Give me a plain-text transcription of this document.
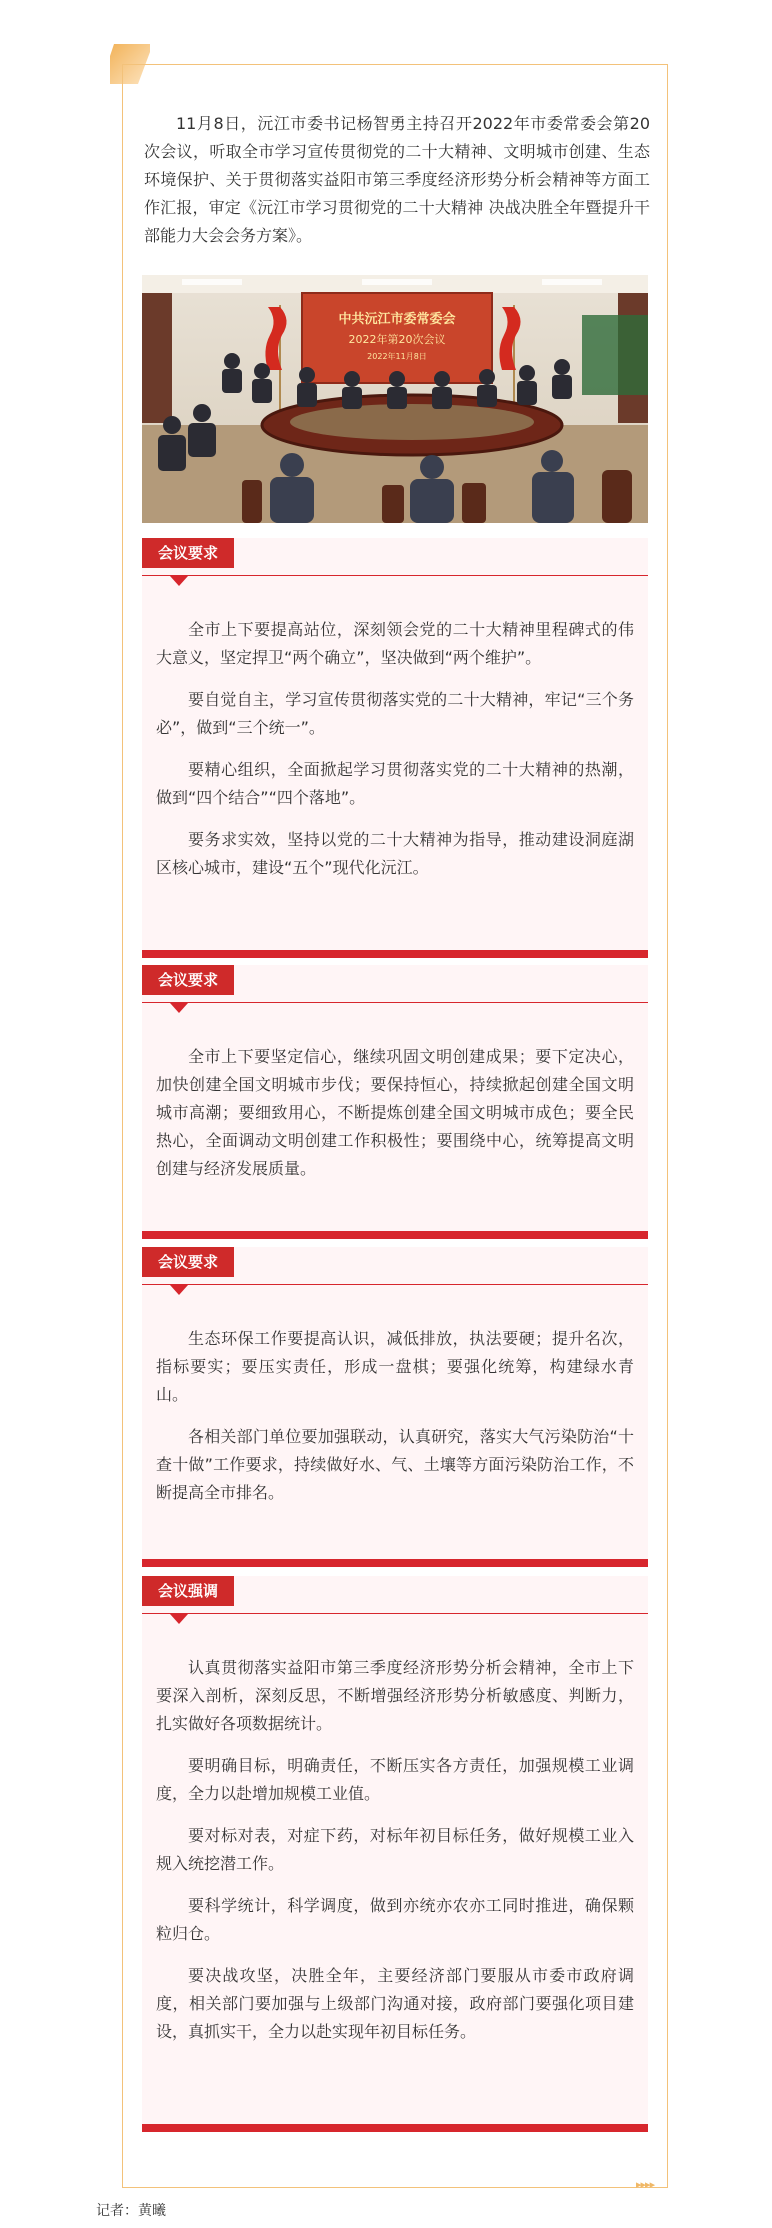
11月8日，沅江市委书记杨智勇主持召开2022年市委常委会第20次会议，听取全市学习宣传贯彻党的二十大精神、文明城市创建、生态环境保护、关于贯彻落实益阳市第三季度经济形势分析会精神等方面工作汇报，审定《沅江市学习贯彻党的二十大精神 决战决胜全年暨提升干部能力大会会务方案》。

中共沅江市委常委会
2022年第20次会议
2022年11月8日
会议要求

全市上下要提高站位，深刻领会党的二十大精神里程碑式的伟大意义，坚定捍卫“两个确立”，坚决做到“两个维护”。

要自觉自主，学习宣传贯彻落实党的二十大精神，牢记“三个务必”，做到“三个统一”。

要精心组织，全面掀起学习贯彻落实党的二十大精神的热潮，做到“四个结合”“四个落地”。

要务求实效，坚持以党的二十大精神为指导，推动建设洞庭湖区核心城市，建设“五个”现代化沅江。

会议要求

全市上下要坚定信心，继续巩固文明创建成果；要下定决心，加快创建全国文明城市步伐；要保持恒心，持续掀起创建全国文明城市高潮；要细致用心，不断提炼创建全国文明城市成色；要全民热心，全面调动文明创建工作积极性；要围绕中心，统筹提高文明创建与经济发展质量。

会议要求

生态环保工作要提高认识，减低排放，执法要硬；提升名次，指标要实；要压实责任，形成一盘棋；要强化统筹，构建绿水青山。

各相关部门单位要加强联动，认真研究，落实大气污染防治“十查十做”工作要求，持续做好水、气、土壤等方面污染防治工作，不断提高全市排名。

会议强调

认真贯彻落实益阳市第三季度经济形势分析会精神，全市上下要深入剖析，深刻反思，不断增强经济形势分析敏感度、判断力，扎实做好各项数据统计。

要明确目标，明确责任，不断压实各方责任，加强规模工业调度，全力以赴增加规模工业值。

要对标对表，对症下药，对标年初目标任务，做好规模工业入规入统挖潜工作。

要科学统计，科学调度，做到亦统亦农亦工同时推进，确保颗粒归仓。

要决战攻坚，决胜全年，主要经济部门要服从市委市政府调度，相关部门要加强与上级部门沟通对接，政府部门要强化项目建设，真抓实干，全力以赴实现年初目标任务。

▸▸▸▸
记者：黄曦
